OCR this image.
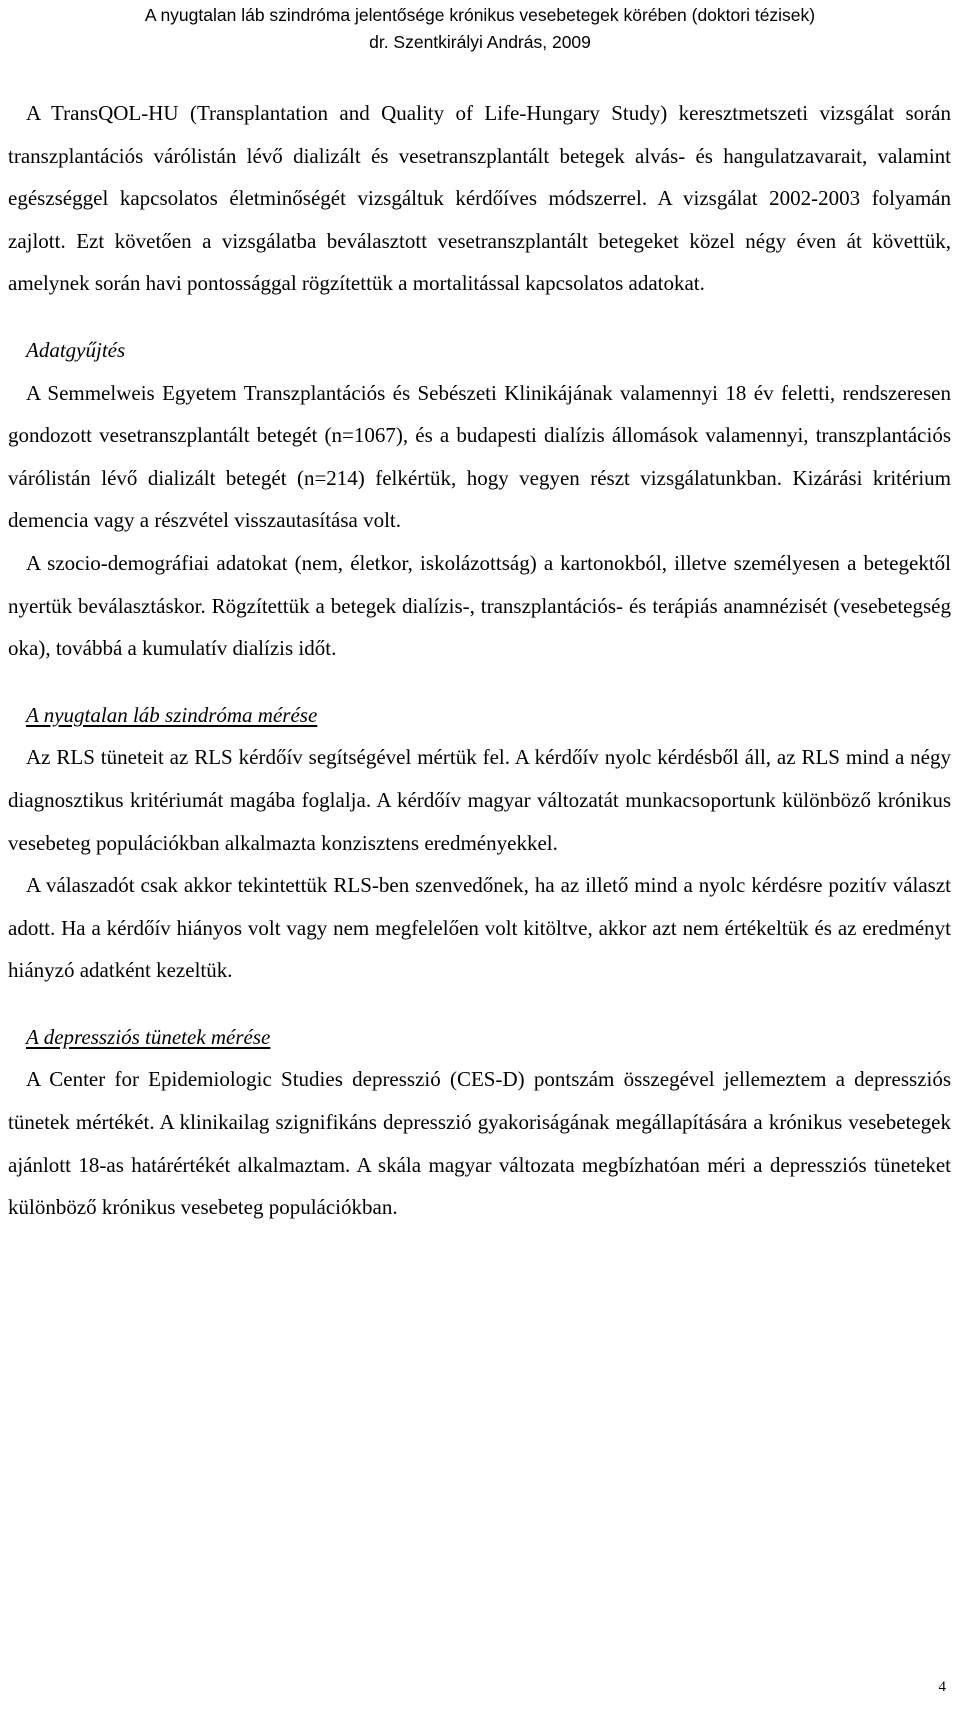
A nyugtalan láb szindróma jelentősége krónikus vesebetegek körében (doktori tézisek)
dr. Szentkirályi András, 2009

A TransQOL-HU (Transplantation and Quality of Life-Hungary Study) keresztmetszeti vizsgálat során transzplantációs várólistán lévő dializált és vesetranszplantált betegek alvás- és hangulatzavarait, valamint egészséggel kapcsolatos életminőségét vizsgáltuk kérdőíves módszerrel. A vizsgálat 2002-2003 folyamán zajlott. Ezt követően a vizsgálatba beválasztott vesetranszplantált betegeket közel négy éven át követtük, amelynek során havi pontossággal rögzítettük a mortalitással kapcsolatos adatokat.

Adatgyűjtés

A Semmelweis Egyetem Transzplantációs és Sebészeti Klinikájának valamennyi 18 év feletti, rendszeresen gondozott vesetranszplantált betegét (n=1067), és a budapesti dialízis állomások valamennyi, transzplantációs várólistán lévő dializált betegét (n=214) felkértük, hogy vegyen részt vizsgálatunkban. Kizárási kritérium demencia vagy a részvétel visszautasítása volt.

A szocio-demográfiai adatokat (nem, életkor, iskolázottság) a kartonokból, illetve személyesen a betegektől nyertük beválasztáskor. Rögzítettük a betegek dialízis-, transzplantációs- és terápiás anamnézisét (vesebetegség oka), továbbá a kumulatív dialízis időt.

A nyugtalan láb szindróma mérése

Az RLS tüneteit az RLS kérdőív segítségével mértük fel. A kérdőív nyolc kérdésből áll, az RLS mind a négy diagnosztikus kritériumát magába foglalja. A kérdőív magyar változatát munkacsoportunk különböző krónikus vesebeteg populációkban alkalmazta konzisztens eredményekkel.

A válaszadót csak akkor tekintettük RLS-ben szenvedőnek, ha az illető mind a nyolc kérdésre pozitív választ adott. Ha a kérdőív hiányos volt vagy nem megfelelően volt kitöltve, akkor azt nem értékeltük és az eredményt hiányzó adatként kezeltük.

A depressziós tünetek mérése

A Center for Epidemiologic Studies depresszió (CES-D) pontszám összegével jellemeztem a depressziós tünetek mértékét. A klinikailag szignifikáns depresszió gyakoriságának megállapítására a krónikus vesebetegek ajánlott 18-as határértékét alkalmaztam. A skála magyar változata megbízhatóan méri a depressziós tüneteket különböző krónikus vesebeteg populációkban.

4
